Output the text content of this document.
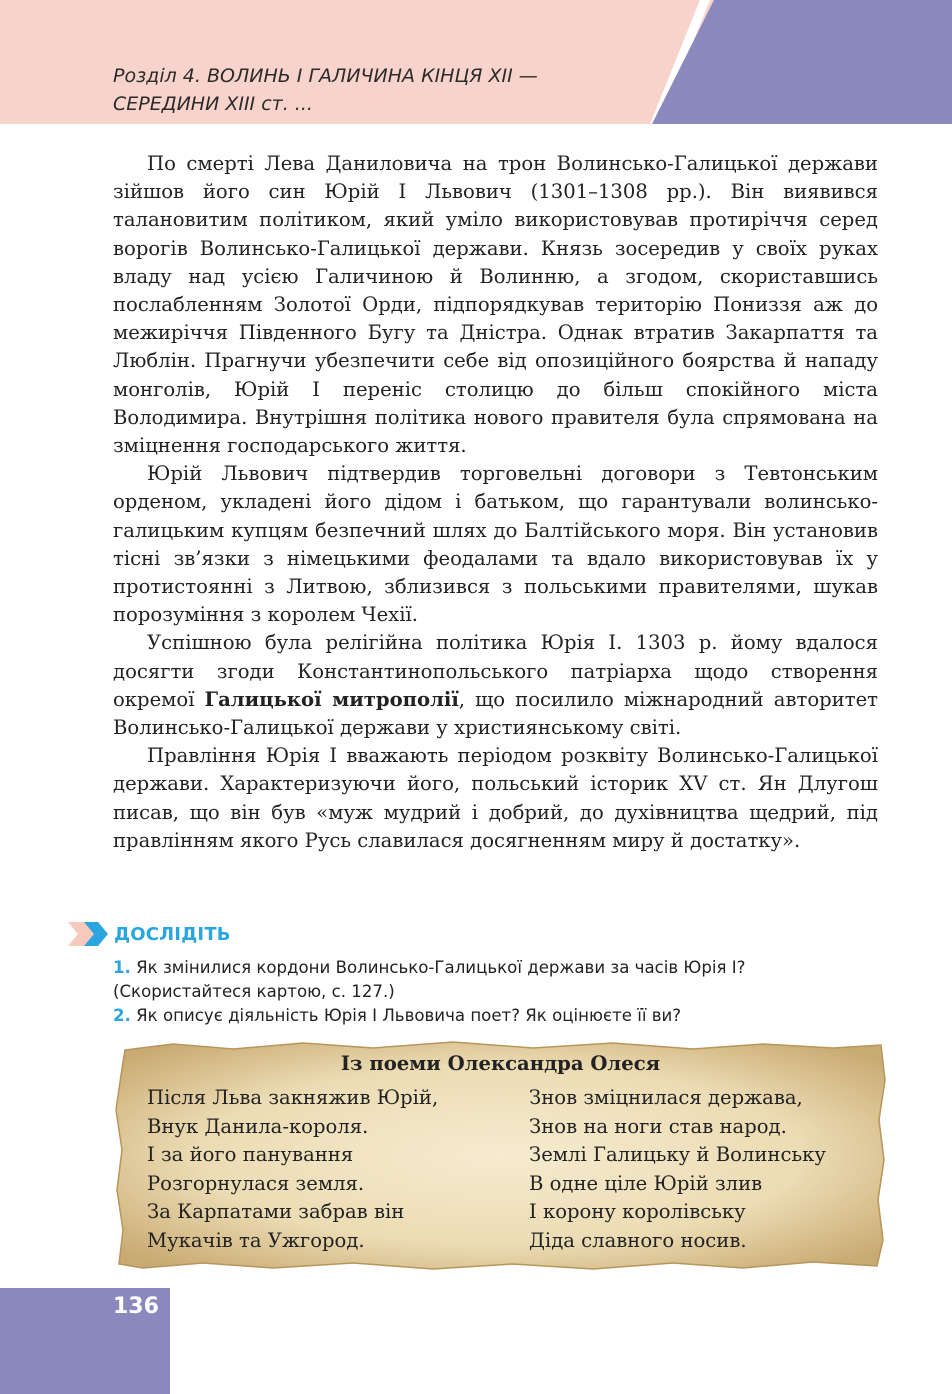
Розділ 4. ВОЛИНЬ І ГАЛИЧИНА КІНЦЯ XII — СЕРЕДИНИ XIII ст. ...

По смерті Лева Даниловича на трон Волинсько-Галицької держави зійшов його син Юрій І Львович (1301–1308 рр.). Він виявився талановитим політиком, який уміло використовував протиріччя серед ворогів Волинсько-Галицької держави. Князь зосередив у своїх руках владу над усією Галичиною й Волинню, а згодом, скориставшись послабленням Золотої Орди, підпорядкував територію Пониззя аж до межиріччя Південного Бугу та Дністра. Однак втратив Закарпаття та Люблін. Прагнучи убезпечити себе від опозиційного боярства й нападу монголів, Юрій І переніс столицю до більш спокійного міста Володимира. Внутрішня політика нового правителя була спрямована на зміцнення господарського життя.

Юрій Львович підтвердив торговельні договори з Тевтонським орденом, укладені його дідом і батьком, що гарантували волинсько-галицьким купцям безпечний шлях до Балтійського моря. Він установив тісні зв’язки з німецькими феодалами та вдало використовував їх у протистоянні з Литвою, зблизився з польськими правителями, шукав порозуміння з королем Чехії.

Успішною була релігійна політика Юрія І. 1303 р. йому вдалося досягти згоди Константинопольського патріарха щодо створення окремої Галицької митрополії, що посилило міжнародний авторитет Волинсько-Галицької держави у християнському світі.

Правління Юрія І вважають періодом розквіту Волинсько-Галицької держави. Характеризуючи його, польський історик XV ст. Ян Длугош писав, що він був «муж мудрий і добрий, до духівництва щедрий, під правлінням якого Русь славилася досягненням миру й достатку».

ДОСЛІДІТЬ

1. Як змінилися кордони Волинсько-Галицької держави за часів Юрія І? (Скористайтеся картою, с. 127.)

2. Як описує діяльність Юрія І Львовича поет? Як оцінюєте її ви?

Із поеми Олександра Олеся
Після Льва закняжив Юрій,
Внук Данила-короля.
І за його панування
Розгорнулася земля.
За Карпатами забрав він
Мукачів та Ужгород.
Знов зміцнилася держава,
Знов на ноги став народ.
Землі Галицьку й Волинську
В одне ціле Юрій злив
І корону королівську
Діда славного носив.
136
